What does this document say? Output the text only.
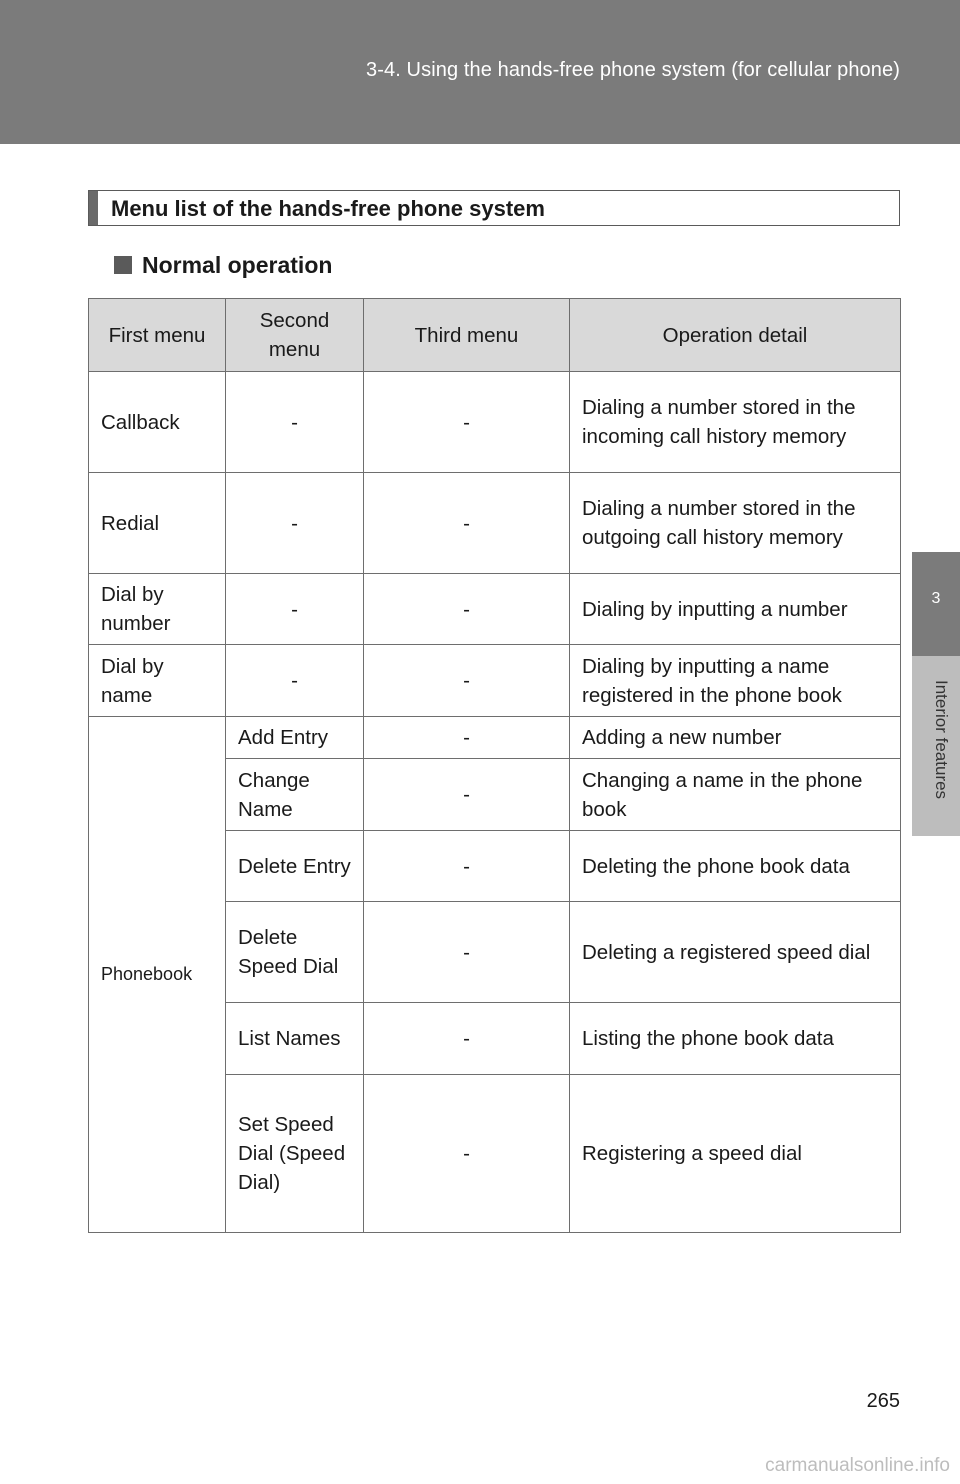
3-4. Using the hands-free phone system (for cellular phone)
3
Interior features
Menu list of the hands-free phone system
Normal operation
First menu	Second menu	Third menu	Operation detail
Callback	-	-	Dialing a number stored in the incoming call history memory
Redial	-	-	Dialing a number stored in the outgoing call history memory
Dial by number	-	-	Dialing by inputting a number
Dial by name	-	-	Dialing by inputting a name registered in the phone book
Phonebook	Add Entry	-	Adding a new number
	Change Name	-	Changing a name in the phone book
	Delete Entry	-	Deleting the phone book data
	Delete Speed Dial	-	Deleting a registered speed dial
	List Names	-	Listing the phone book data
	Set Speed Dial (Speed Dial)	-	Registering a speed dial
265
carmanualsonline.info
